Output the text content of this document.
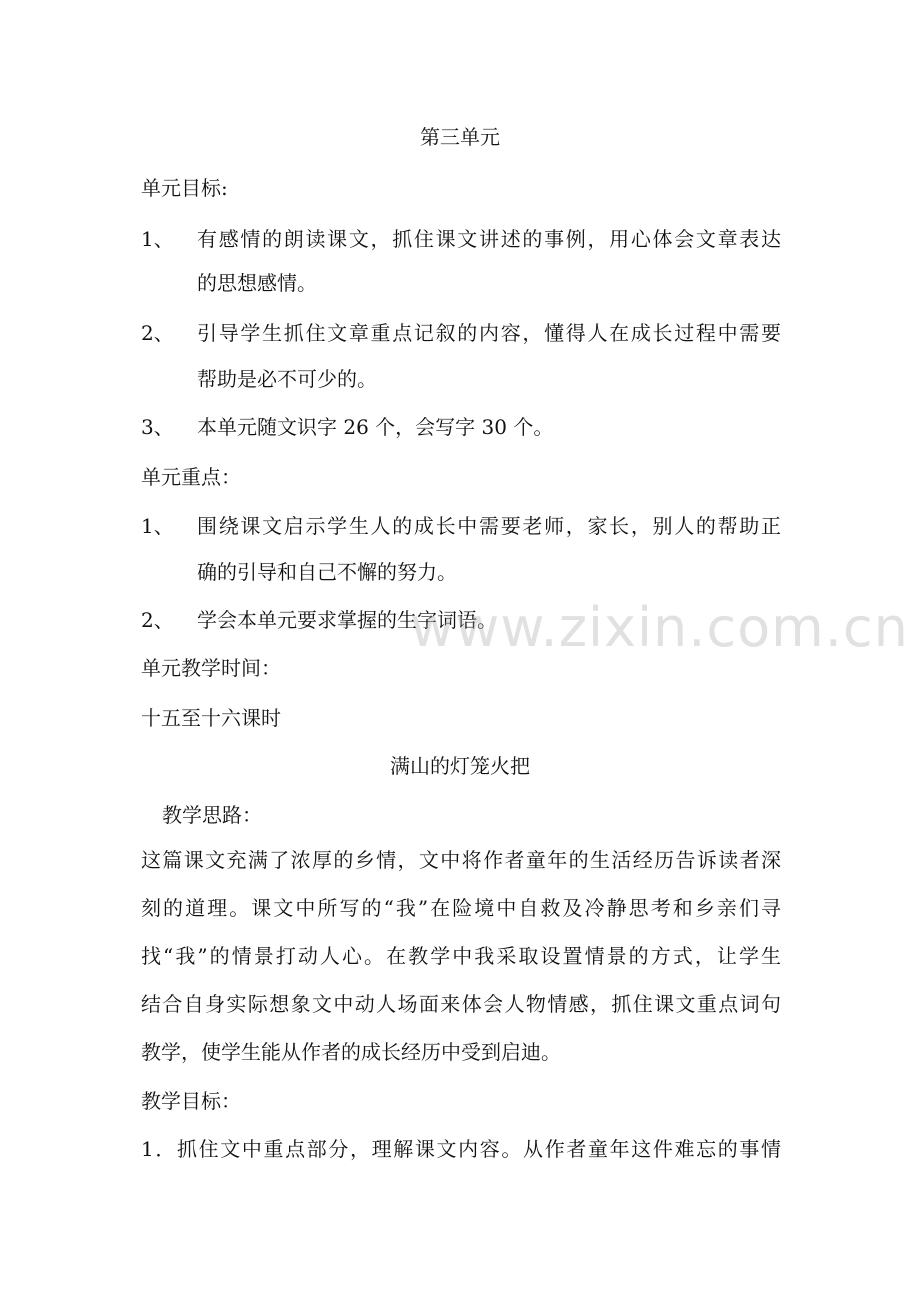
第三单元
单元目标:
1、 有感情的朗读课文，抓住课文讲述的事例，用心体会文章表达
的思想感情。
2、 引导学生抓住文章重点记叙的内容，懂得人在成长过程中需要
帮助是必不可少的。
3、 本单元随文识字 26 个，会写字 30 个。
单元重点：
1、 围绕课文启示学生人的成长中需要老师，家长，别人的帮助正
确的引导和自己不懈的努力。
2、 学会本单元要求掌握的生字词语。
单元教学时间：
十五至十六课时
满山的灯笼火把
教学思路：
这篇课文充满了浓厚的乡情，文中将作者童年的生活经历告诉读者深
刻的道理。课文中所写的“我”在险境中自救及冷静思考和乡亲们寻
找“我”的情景打动人心。在教学中我采取设置情景的方式，让学生
结合自身实际想象文中动人场面来体会人物情感，抓住课文重点词句
教学，使学生能从作者的成长经历中受到启迪。
教学目标：
1．抓住文中重点部分，理解课文内容。从作者童年这件难忘的事情
www.zixin.com.cn
